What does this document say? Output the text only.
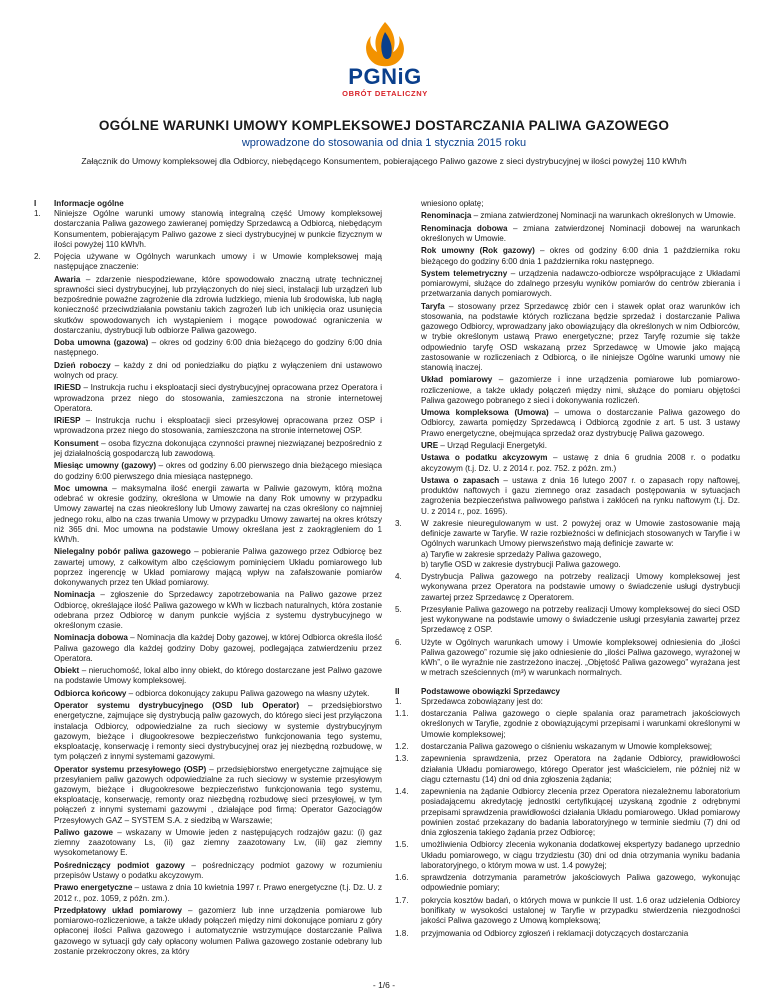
PGNiG
OBRÓT DETALICZNY
OGÓLNE WARUNKI UMOWY KOMPLEKSOWEJ DOSTARCZANIA PALIWA GAZOWEGO
wprowadzone do stosowania od dnia 1 stycznia 2015 roku
Załącznik do Umowy kompleksowej dla Odbiorcy, niebędącego Konsumentem, pobierającego Paliwo gazowe z sieci dystrybucyjnej w ilości powyżej 110 kWh/h
I	Informacje ogólne
1.	Niniejsze Ogólne warunki umowy stanowią integralną część Umowy kompleksowej dostarczania Paliwa gazowego zawieranej pomiędzy Sprzedawcą a Odbiorcą, niebędącym Konsumentem, pobierającym Paliwo gazowe z sieci dystrybucyjnej w punkcie fizycznym w ilości powyżej 110 kWh/h.
2.	Pojęcia używane w Ogólnych warunkach umowy i w Umowie kompleksowej mają następujące znaczenie:
Awaria – zdarzenie niespodziewane, które spowodowało znaczną utratę technicznej sprawności sieci dystrybucyjnej, lub przyłączonych do niej sieci, instalacji lub urządzeń lub bezpośrednie poważne zagrożenie dla zdrowia ludzkiego, mienia lub środowiska, lub nagłą konieczność przeciwdziałania powstaniu takich zagrożeń lub ich unikięcia oraz usunięcia skutków spowodowanych ich wystąpieniem i mogące powodować ograniczenia w dostarczaniu, dystrybucji lub odbiorze Paliwa gazowego.
Doba umowna (gazowa) – okres od godziny 6:00 dnia bieżącego do godziny 6:00 dnia następnego.
Dzień roboczy – każdy z dni od poniedziałku do piątku z wyłączeniem dni ustawowo wolnych od pracy.
IRiESD – Instrukcja ruchu i eksploatacji sieci dystrybucyjnej opracowana przez Operatora i wprowadzona przez niego do stosowania, zamieszczona na stronie internetowej Operatora.
IRiESP – Instrukcja ruchu i eksploatacji sieci przesyłowej opracowana przez OSP i wprowadzona przez niego do stosowania, zamieszczona na stronie internetowej OSP.
Konsument – osoba fizyczna dokonująca czynności prawnej niezwiązanej bezpośrednio z jej działalnością gospodarczą lub zawodową.
Miesiąc umowny (gazowy) – okres od godziny 6.00 pierwszego dnia bieżącego miesiąca do godziny 6:00 pierwszego dnia miesiąca następnego.
Moc umowna – maksymalna ilość energii zawarta w Paliwie gazowym, którą można odebrać w okresie godziny, określona w Umowie na dany Rok umowny w przypadku Umowy zawartej na czas nieokreślony lub Umowy zawartej na czas określony co najmniej jednego roku, albo na czas trwania Umowy w przypadku Umowy zawartej na okres krótszy niż 365 dni. Moc umowna na podstawie Umowy określana jest z zaokrągleniem do 1 kWh/h.
Nielegalny pobór paliwa gazowego – pobieranie Paliwa gazowego przez Odbiorcę bez zawartej umowy, z całkowitym albo częściowym pominięciem Układu pomiarowego lub poprzez ingerencję w Układ pomiarowy mającą wpływ na zafałszowanie pomiarów dokonywanych przez ten Układ pomiarowy.
Nominacja – zgłoszenie do Sprzedawcy zapotrzebowania na Paliwo gazowe przez Odbiorcę, określające ilość Paliwa gazowego w kWh w liczbach naturalnych, która zostanie odebrana przez Odbiorcę w danym punkcie wyjścia z systemu dystrybucyjnego w określonym czasie.
Nominacja dobowa – Nominacja dla każdej Doby gazowej, w której Odbiorca określa ilość Paliwa gazowego dla każdej godziny Doby gazowej, podlegająca zatwierdzeniu przez Operatora.
Obiekt – nieruchomość, lokal albo inny obiekt, do którego dostarczane jest Paliwo gazowe na podstawie Umowy kompleksowej.
Odbiorca końcowy – odbiorca dokonujący zakupu Paliwa gazowego na własny użytek.
Operator systemu dystrybucyjnego (OSD lub Operator) – przedsiębiorstwo energetyczne, zajmujące się dystrybucją paliw gazowych, do którego sieci jest przyłączona instalacja Odbiorcy, odpowiedzialne za ruch sieciowy w systemie dystrybucyjnym gazowym, bieżące i długookresowe bezpieczeństwo funkcjonowania tego systemu, eksploatację, konserwację i remonty sieci dystrybucyjnej oraz jej niezbędną rozbudowę, w tym połączeń z innymi systemami gazowymi.
Operator systemu przesyłowego (OSP) – przedsiębiorstwo energetyczne zajmujące się przesyłaniem paliw gazowych odpowiedzialne za ruch sieciowy w systemie przesyłowym gazowym, bieżące i długookresowe bezpieczeństwo funkcjonowania tego systemu, eksploatację, konserwację, remonty oraz niezbędną rozbudowę sieci przesyłowej, w tym połączeń z innymi systemami gazowymi , działające pod firmą: Operator Gazociągów Przesyłowych GAZ – SYSTEM S.A. z siedzibą w Warszawie;
Paliwo gazowe – wskazany w Umowie jeden z następujących rodzajów gazu: (i) gaz ziemny zaazotowany Ls, (ii) gaz ziemny zaazotowany Lw, (iii) gaz ziemny wysokometanowy E.
Pośredniczący podmiot gazowy – pośredniczący podmiot gazowy w rozumieniu przepisów Ustawy o podatku akcyzowym.
Prawo energetyczne – ustawa z dnia 10 kwietnia 1997 r. Prawo energetyczne (t.j. Dz. U. z 2012 r., poz. 1059, z późn. zm.).
Przedpłatowy układ pomiarowy – gazomierz lub inne urządzenia pomiarowe lub pomiarowo-rozliczeniowe, a także układy połączeń między nimi dokonujące pomiaru z góry opłaconej ilości Paliwa gazowego i automatycznie wstrzymujące dostarczanie Paliwa gazowego w sytuacji gdy cały opłacony wolumen Paliwa gazowego zostanie odebrany lub zostanie przekroczony okres, za który
wniesiono opłatę;
Renominacja – zmiana zatwierdzonej Nominacji na warunkach określonych w Umowie.
Renominacja dobowa – zmiana zatwierdzonej Nominacji dobowej na warunkach określonych w Umowie.
Rok umowny (Rok gazowy) – okres od godziny 6:00 dnia 1 października roku bieżącego do godziny 6:00 dnia 1 października roku następnego.
System telemetryczny – urządzenia nadawczo-odbiorcze współpracujące z Układami pomiarowymi, służące do zdalnego przesyłu wyników pomiarów do centrów zbierania i przetwarzania danych pomiarowych.
Taryfa – stosowany przez Sprzedawcę zbiór cen i stawek opłat oraz warunków ich stosowania, na podstawie których rozliczana będzie sprzedaż i dostarczanie Paliwa gazowego Odbiorcy, wprowadzany jako obowiązujący dla określonych w nim Odbiorców, w trybie określonym ustawą Prawo energetyczne; przez Taryfę rozumie się także odpowiednio taryfę OSD wskazaną przez Sprzedawcę w Umowie jako mającą zastosowanie w rozliczeniach z Odbiorcą, o ile niniejsze Ogólne warunki umowy nie stanowią inaczej.
Układ pomiarowy – gazomierze i inne urządzenia pomiarowe lub pomiarowo-rozliczeniowe, a także układy połączeń między nimi, służące do pomiaru objętości Paliwa gazowego pobranego z sieci i dokonywania rozliczeń.
Umowa kompleksowa (Umowa) – umowa o dostarczanie Paliwa gazowego do Odbiorcy, zawarta pomiędzy Sprzedawcą i Odbiorcą zgodnie z art. 5 ust. 3 ustawy Prawo energetyczne, obejmująca sprzedaż oraz dystrybucję Paliwa gazowego.
URE – Urząd Regulacji Energetyki.
Ustawa o podatku akcyzowym – ustawę z dnia 6 grudnia 2008 r. o podatku akcyzowym (t.j. Dz. U. z 2014 r. poz. 752. z późn. zm.)
Ustawa o zapasach – ustawa z dnia 16 lutego 2007 r. o zapasach ropy naftowej, produktów naftowych i gazu ziemnego oraz zasadach postępowania w sytuacjach zagrożenia bezpieczeństwa paliwowego państwa i zakłóceń na rynku naftowym (t.j. Dz. U. z 2014 r., poz. 1695).
3.	W zakresie nieuregulowanym w ust. 2 powyżej oraz w Umowie zastosowanie mają definicje zawarte w Taryfie. W razie rozbieżności w definicjach stosowanych w Taryfie i w Ogólnych warunkach Umowy pierwszeństwo mają definicje zawarte w:
a) Taryfie w zakresie sprzedaży Paliwa gazowego,
b) taryfie OSD w zakresie dystrybucji Paliwa gazowego.
4.	Dystrybucja Paliwa gazowego na potrzeby realizacji Umowy kompleksowej jest wykonywana przez Operatora na podstawie umowy o świadczenie usługi dystrybucji zawartej przez Sprzedawcę z Operatorem.
5.	Przesyłanie Paliwa gazowego na potrzeby realizacji Umowy kompleksowej do sieci OSD jest wykonywane na podstawie umowy o świadczenie usługi przesyłania zawartej przez Sprzedawcę z OSP.
6.	Użyte w Ogólnych warunkach umowy i Umowie kompleksowej odniesienia do „ilości Paliwa gazowego” rozumie się jako odniesienie do „ilości Paliwa gazowego, wyrażonej w kWh”, o ile wyraźnie nie zastrzeżono inaczej. „Objętość Paliwa gazowego” wyrażana jest w metrach sześciennych (m³) w warunkach normalnych.
II	Podstawowe obowiązki Sprzedawcy
1.	Sprzedawca zobowiązany jest do:
1.1.	dostarczania Paliwa gazowego o cieple spalania oraz parametrach jakościowych określonych w Taryfie, zgodnie z obowiązującymi przepisami i warunkami określonymi w Umowie kompleksowej;
1.2.	dostarczania Paliwa gazowego o ciśnieniu wskazanym w Umowie kompleksowej;
1.3.	zapewnienia sprawdzenia, przez Operatora na żądanie Odbiorcy, prawidłowości działania Układu pomiarowego, którego Operator jest właścicielem, nie później niż w ciągu czternastu (14) dni od dnia zgłoszenia żądania;
1.4.	zapewnienia na żądanie Odbiorcy zlecenia przez Operatora niezależnemu laboratorium posiadającemu akredytację jednostki certyfikującej uzyskaną zgodnie z odrębnymi przepisami sprawdzenia prawidłowości działania Układu pomiarowego. Układ pomiarowy powinien zostać przekazany do badania laboratoryjnego w terminie siedmiu (7) dni od dnia zgłoszenia takiego żądania przez Odbiorcę;
1.5.	umożliwienia Odbiorcy zlecenia wykonania dodatkowej ekspertyzy badanego uprzednio Układu pomiarowego, w ciągu trzydziestu (30) dni od dnia otrzymania wyniku badania laboratoryjnego, o którym mowa w ust. 1.4 powyżej;
1.6.	sprawdzenia dotrzymania parametrów jakościowych Paliwa gazowego, wykonując odpowiednie pomiary;
1.7.	pokrycia kosztów badań, o których mowa w punkcie II ust. 1.6 oraz udzielenia Odbiorcy bonifikaty w wysokości ustalonej w Taryfie w przypadku stwierdzenia niezgodności jakości Paliwa gazowego z Umową kompleksową;
1.8.	przyjmowania od Odbiorcy zgłoszeń i reklamacji dotyczących dostarczania
- 1/6 -
